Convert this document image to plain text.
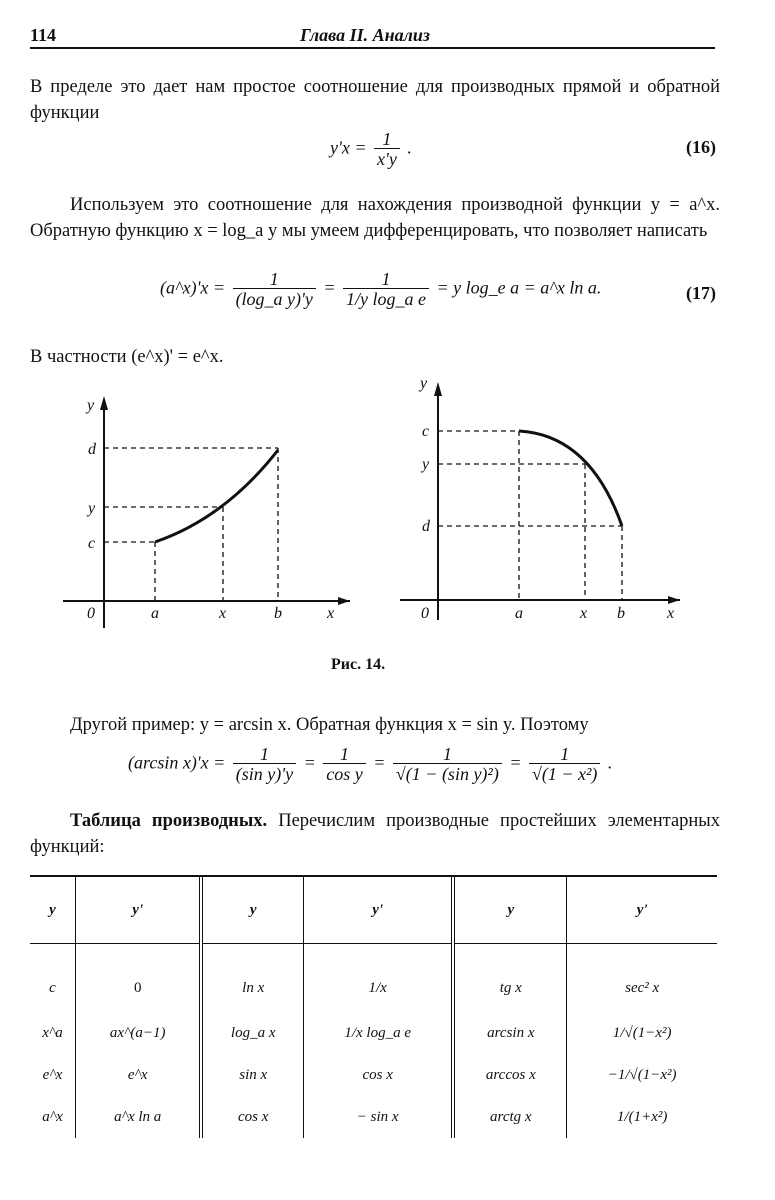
114	Глава II. Анализ
В пределе это дает нам простое соотношение для производных прямой и обратной функции
$y'x = \frac{1}{x'y}$ .	(16)
Используем это соотношение для нахождения производной функции y = a^x. Обратную функцию x = log_a y мы умеем дифференцировать, что позволяет написать
(a^x)'x = $\frac{1}{\text{(log\_a y)'y}} = \frac{1}{\text{1/y log\_a e}} = y$ log_e a = a^x ln a.	(17)
В частности (e^x)' = e^x.
y
d
y
c
0	a	x	b	x
y
c
y
d
0	a	x b	x
Рис. 14.
Другой пример: y = arcsin x. Обратная функция x = sin y. Поэтому
(arcsin $x)'x = \frac{1}{\text{(sin y)'y}} = \frac{1}{\text{cos y}} = \frac{1}{\text{√(1 − (sin y)²)}} = \frac{1}{\text{√(1 − x²)}}$ .
Таблица производных. Перечислим производные простейших элементарных функций:
y	y'	y	y'	y	y'
c	0	ln x	1/x	tg x	sec² x
x^a	ax^(a−1)	log_a x	1/x log_a e	arcsin x	1/√(1−x²)
e^x	e^x	sin x	cos x	arccos x	−1/√(1−x²)
a^x	a^x ln a	cos x	− sin x	arctg x	1/(1+x²)
